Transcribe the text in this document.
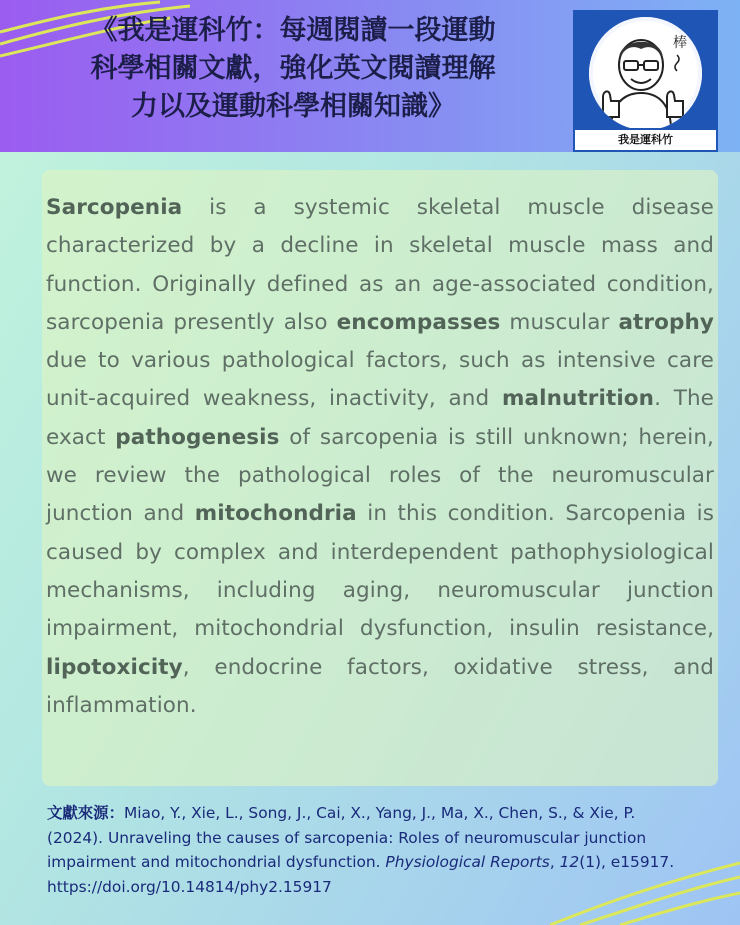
《我是運科竹：每週閱讀一段運動
科學相關文獻，強化英文閱讀理解
力以及運動科學相關知識》
棒
我是運科竹
Sarcopenia is a systemic skeletal muscle disease characterized by a decline in skeletal muscle mass and function. Originally defined as an age-associated condition, sarcopenia presently also encompasses muscular atrophy due to various pathological factors, such as intensive care unit-acquired weakness, inactivity, and malnutrition. The exact pathogenesis of sarcopenia is still unknown; herein, we review the pathological roles of the neuromuscular junction and mitochondria in this condition. Sarcopenia is caused by complex and interdependent pathophysiological mechanisms, including aging, neuromuscular junction impairment, mitochondrial dysfunction, insulin resistance, lipotoxicity, endocrine factors, oxidative stress, and inflammation.
文獻來源：Miao, Y., Xie, L., Song, J., Cai, X., Yang, J., Ma, X., Chen, S., & Xie, P. (2024). Unraveling the causes of sarcopenia: Roles of neuromuscular junction impairment and mitochondrial dysfunction. Physiological Reports, 12(1), e15917. https://doi.org/10.14814/phy2.15917
